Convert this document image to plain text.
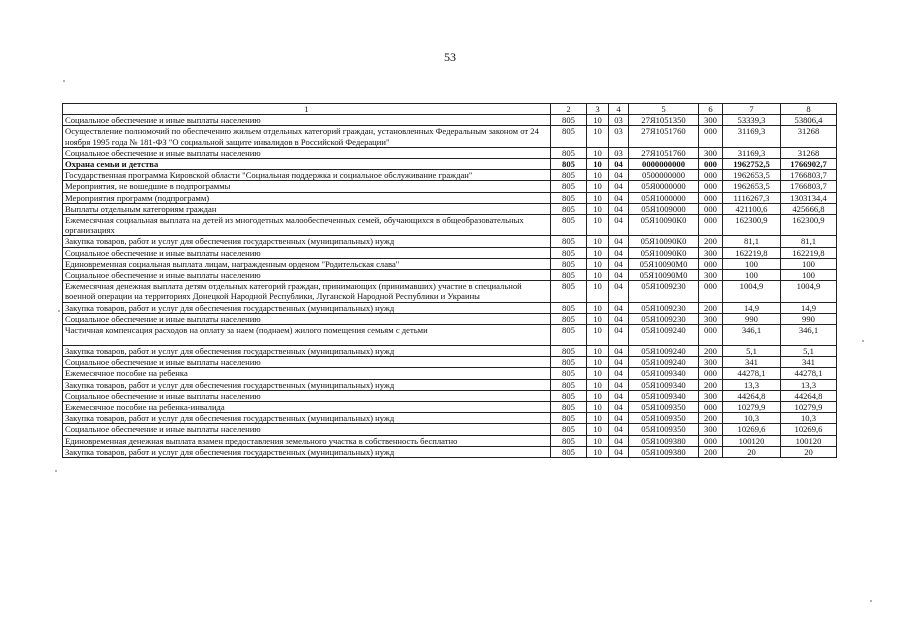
53
1	2	3	4	5	6	7	8
Социальное обеспечение и иные выплаты населению	805	10	03	27Я1051350	300	53339,3	53806,4
Осуществление полномочий по обеспечению жильем отдельных категорий граждан, установленных Федеральным законом от 24 ноября 1995 года № 181-ФЗ "О социальной защите инвалидов в Российской Федерации"	805	10	03	27Я1051760	000	31169,3	31268
Социальное обеспечение и иные выплаты населению	805	10	03	27Я1051760	300	31169,3	31268
Охрана семьи и детства	805	10	04	0000000000	000	1962752,5	1766902,7
Государственная программа Кировской области "Социальная поддержка и социальное обслуживание граждан"	805	10	04	0500000000	000	1962653,5	1766803,7
Мероприятия, не вошедшие в подпрограммы	805	10	04	05Я0000000	000	1962653,5	1766803,7
Мероприятия программ (подпрограмм)	805	10	04	05Я1000000	000	1116267,3	1303134,4
Выплаты отдельным категориям граждан	805	10	04	05Я1009000	000	421100,6	425666,8
Ежемесячная социальная выплата на детей из многодетных малообеспеченных семей, обучающихся в общеобразовательных организациях	805	10	04	05Я10090К0	000	162300,9	162300,9
Закупка товаров, работ и услуг для обеспечения государственных (муниципальных) нужд	805	10	04	05Я10090К0	200	81,1	81,1
Социальное обеспечение и иные выплаты населению	805	10	04	05Я10090К0	300	162219,8	162219,8
Единовременная социальная выплата лицам, награжденным орденом "Родительская слава"	805	10	04	05Я10090М0	000	100	100
Социальное обеспечение и иные выплаты населению	805	10	04	05Я10090М0	300	100	100
Ежемесячная денежная выплата детям отдельных категорий граждан, принимающих (принимавших) участие в специальной военной операции на территориях Донецкой Народной Республики, Луганской Народной Республики и Украины	805	10	04	05Я1009230	000	1004,9	1004,9
Закупка товаров, работ и услуг для обеспечения государственных (муниципальных) нужд	805	10	04	05Я1009230	200	14,9	14,9
Социальное обеспечение и иные выплаты населению	805	10	04	05Я1009230	300	990	990
Частичная компенсация расходов на оплату за наем (поднаем) жилого помещения семьям с детьми	805	10	04	05Я1009240	000	346,1	346,1
Закупка товаров, работ и услуг для обеспечения государственных (муниципальных) нужд	805	10	04	05Я1009240	200	5,1	5,1
Социальное обеспечение и иные выплаты населению	805	10	04	05Я1009240	300	341	341
Ежемесячное пособие на ребенка	805	10	04	05Я1009340	000	44278,1	44278,1
Закупка товаров, работ и услуг для обеспечения государственных (муниципальных) нужд	805	10	04	05Я1009340	200	13,3	13,3
Социальное обеспечение и иные выплаты населению	805	10	04	05Я1009340	300	44264,8	44264,8
Ежемесячное пособие на ребенка-инвалида	805	10	04	05Я1009350	000	10279,9	10279,9
Закупка товаров, работ и услуг для обеспечения государственных (муниципальных) нужд	805	10	04	05Я1009350	200	10,3	10,3
Социальное обеспечение и иные выплаты населению	805	10	04	05Я1009350	300	10269,6	10269,6
Единовременная денежная выплата взамен предоставления земельного участка в собственность бесплатно	805	10	04	05Я1009380	000	100120	100120
Закупка товаров, работ и услуг для обеспечения государственных (муниципальных) нужд	805	10	04	05Я1009380	200	20	20
